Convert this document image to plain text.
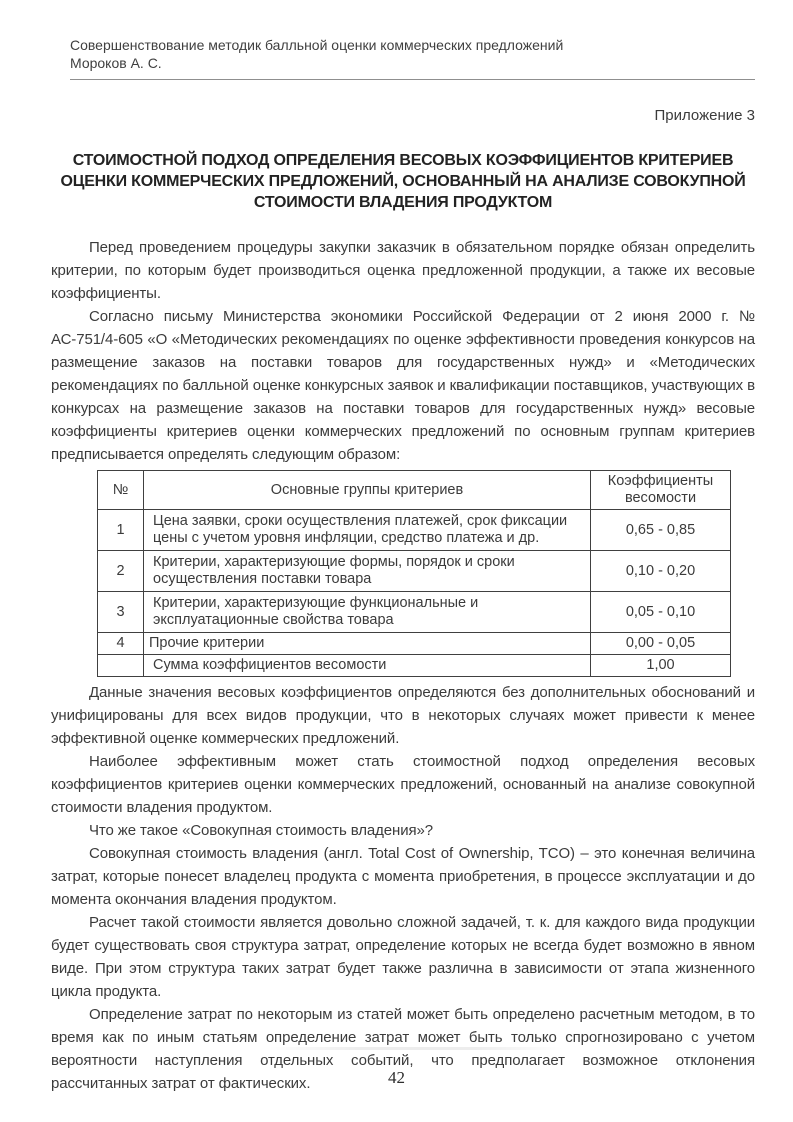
Совершенствование методик балльной оценки коммерческих предложений
Мороков А. С.
Приложение 3
СТОИМОСТНОЙ ПОДХОД ОПРЕДЕЛЕНИЯ ВЕСОВЫХ КОЭФФИЦИЕНТОВ КРИТЕРИЕВ ОЦЕНКИ КОММЕРЧЕСКИХ ПРЕДЛОЖЕНИЙ, ОСНОВАННЫЙ НА АНАЛИЗЕ СОВОКУПНОЙ СТОИМОСТИ ВЛАДЕНИЯ ПРОДУКТОМ

Перед проведением процедуры закупки заказчик в обязательном порядке обязан определить критерии, по которым будет производиться оценка предложенной продукции, а также их весовые коэффициенты.

Согласно письму Министерства экономики Российской Федерации от 2 июня 2000 г. № АС-751/4-605 «О «Методических рекомендациях по оценке эффективности проведения конкурсов на размещение заказов на поставки товаров для государственных нужд» и «Методических рекомендациях по балльной оценке конкурсных заявок и квалификации поставщиков, участвующих в конкурсах на размещение заказов на поставки товаров для государственных нужд» весовые коэффициенты критериев оценки коммерческих предложений по основным группам критериев предписывается определять следующим образом:

№	Основные группы критериев	Коэффициенты весомости
1	Цена заявки, сроки осуществления платежей, срок фиксации цены с учетом уровня инфляции, средство платежа и др.	0,65 - 0,85
2	Критерии, характеризующие формы, порядок и сроки осуществления поставки товара	0,10 - 0,20
3	Критерии, характеризующие функциональные и эксплуатационные свойства товара	0,05 - 0,10
4	Прочие критерии	0,00 - 0,05
	Сумма коэффициентов весомости	1,00

Данные значения весовых коэффициентов определяются без дополнительных обоснований и унифицированы для всех видов продукции, что в некоторых случаях может привести к менее эффективной оценке коммерческих предложений.

Наиболее эффективным может стать стоимостной подход определения весовых коэффициентов критериев оценки коммерческих предложений, основанный на анализе совокупной стоимости владения продуктом.

Что же такое «Совокупная стоимость владения»?

Совокупная стоимость владения (англ. Total Cost of Ownership, TCO) – это конечная величина затрат, которые понесет владелец продукта с момента приобретения, в процессе эксплуатации и до момента окончания владения продуктом.

Расчет такой стоимости является довольно сложной задачей, т. к. для каждого вида продукции будет существовать своя структура затрат, определение которых не всегда будет возможно в явном виде. При этом структура таких затрат будет также различна в зависимости от этапа жизненного цикла продукта.

Определение затрат по некоторым из статей может быть определено расчетным методом, в то время как по иным статьям определение затрат может быть только спрогнозировано с учетом вероятности наступления отдельных событий, что предполагает возможное отклонения рассчитанных затрат от фактических.	42
